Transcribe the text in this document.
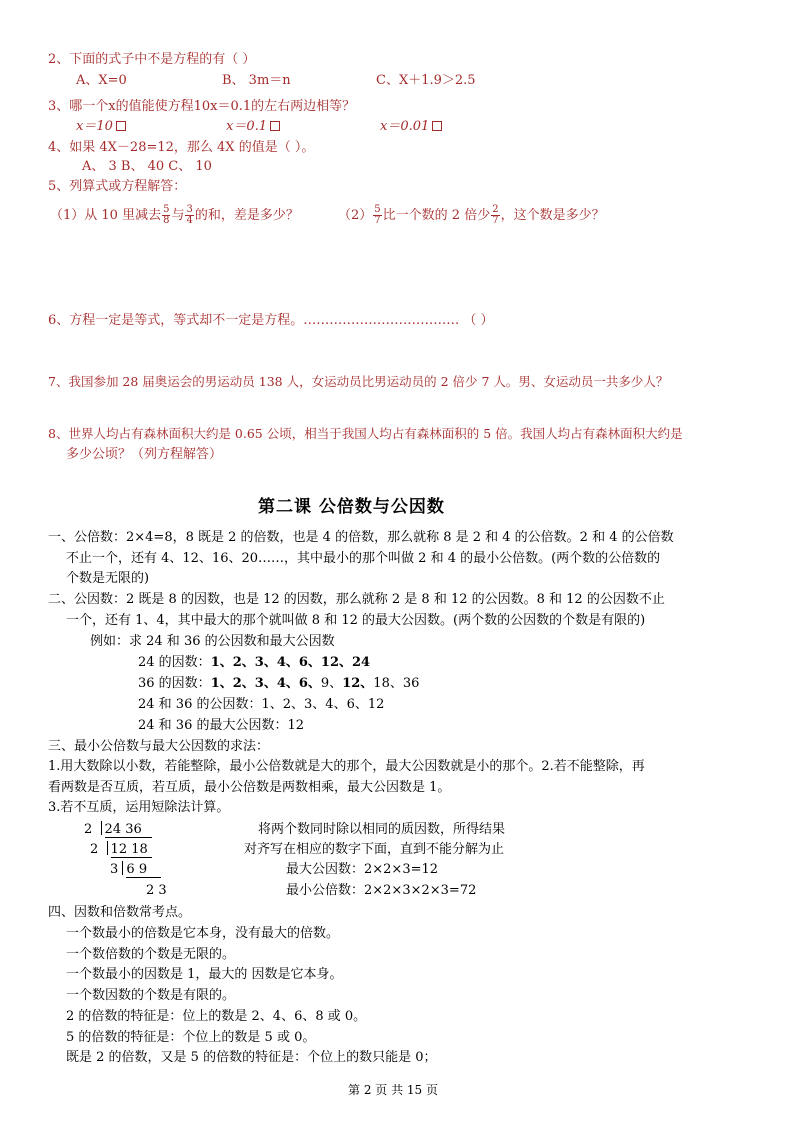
2、下面的式子中不是方程的有（ ）
A、X=0	B、 3m＝n	C、X＋1.9＞2.5
3、哪一个x的值能使方程10x＝0.1的左右两边相等？
x＝10	x＝0.1	x＝0.01
4、如果 4X－28=12，那么 4X 的值是（ ）。
A、 3 B、 40 C、 10
5、列算式或方程解答：
（1）从 10 里减去 $\frac{5}{8}$ 与 $\frac{3}{4}$ 的和，差是多少？	$(2) \frac{5}{7}$ 比一个数的 2 倍少 $\frac{2}{7}$ ，这个数是多少？
6、方程一定是等式，等式却不一定是方程。……………………………… （ ）
7、我国参加 28 届奥运会的男运动员 138 人，女运动员比男运动员的 2 倍少 7 人。男、女运动员一共多少人？
8、世界人均占有森林面积大约是 0.65 公顷，相当于我国人均占有森林面积的 5 倍。我国人均占有森林面积大约是
多少公顷？（列方程解答）
第二课 公倍数与公因数
一、公倍数：2×4=8，8 既是 2 的倍数，也是 4 的倍数，那么就称 8 是 2 和 4 的公倍数。2 和 4 的公倍数
不止一个，还有 4、12、16、20……，其中最小的那个叫做 2 和 4 的最小公倍数。(两个数的公倍数的
个数是无限的)
二、公因数：2 既是 8 的因数，也是 12 的因数，那么就称 2 是 8 和 12 的公因数。8 和 12 的公因数不止
一个，还有 1、4，其中最大的那个就叫做 8 和 12 的最大公因数。(两个数的公因数的个数是有限的)
例如：求 24 和 36 的公因数和最大公因数
24 的因数：1、2、3、4、6、12、24
36 的因数：1、2、3、4、6、9、12、18、36
24 和 36 的公因数：1、2、3、4、6、12
24 和 36 的最大公因数：12
三、最小公倍数与最大公因数的求法：
1.用大数除以小数，若能整除，最小公倍数就是大的那个，最大公因数就是小的那个。2.若不能整除，再
看两数是否互质，若互质，最小公倍数是两数相乘，最大公因数是 1。
3.若不互质，运用短除法计算。
2 24 36	将两个数同时除以相同的质因数，所得结果
2 12 18	对齐写在相应的数字下面，直到不能分解为止
3 6 9	最大公因数：2×2×3=12
2 3	最小公倍数：2×2×3×2×3=72
四、因数和倍数常考点。
一个数最小的倍数是它本身，没有最大的倍数。
一个数倍数的个数是无限的。
一个数最小的因数是 1，最大的 因数是它本身。
一个数因数的个数是有限的。
2 的倍数的特征是：位上的数是 2、4、6、8 或 0。
5 的倍数的特征是：个位上的数是 5 或 0。
既是 2 的倍数，又是 5 的倍数的特征是：个位上的数只能是 0；
第 2 页 共 15 页
